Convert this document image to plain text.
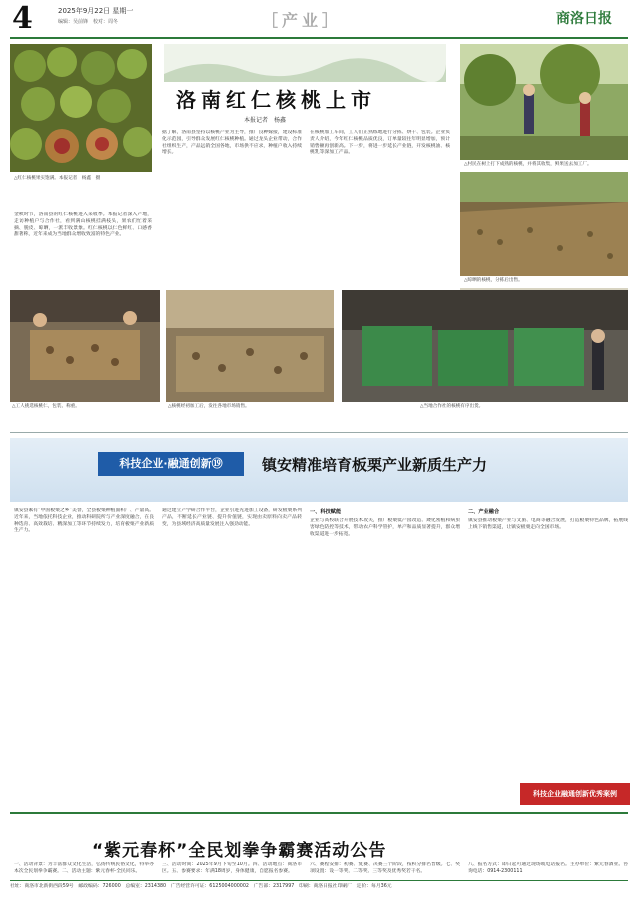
4	2025年9月22日 星期一
编辑：吴前锋　校对：周冬	［产业］	商洛日报
△红仁核桃果实饱满。本报记者　杨鑫　摄
△村民在树上打下成熟的核桃，并将其收集，鲜果送去加工厂。
△晾晒的核桃，分拣后出售。
△工人挑选核桃仁，包装、称重。	△核桃经初加工后，发往各地市场销售。	△当地合作社的核桃有序出货。
洛南红仁核桃上市
本报记者　杨鑫
金秋时节，洛南县的红仁核桃进入采收季。本报记者深入产地，走访种植户与合作社，看到满山核桃挂满枝头，果农们忙着采摘、脱皮、晾晒，一派丰收景象。红仁核桃以仁色鲜红、口感香甜著称，近年来成为当地群众增收致富的特色产业。
据了解，洛南县坚持以核桃产业为主导，推广良种嫁接，建设标准化示范园，引导群众发展红仁核桃种植。通过龙头企业带动，合作社组织生产，产品远销全国各地，市场供不应求，种植户收入持续增长。
在核桃加工车间，工人们正熟练地进行分拣、烘干、包装。企业负责人介绍，今年红仁核桃品质优良，订单量较往年明显增加，预计销售额再创新高。下一步，将进一步延长产业链，开发核桃油、核桃乳等深加工产品。
科技企业·融通创新⑲	镇安精准培育板栗产业新质生产力
镇安县素有“中国板栗之乡”美誉，全县板栗种植面积广、产量高。近年来，当地依托科技企业，推动科研院所与产业深度融合，在良种选育、高效栽培、精深加工等环节持续发力，培育板栗产业新质生产力。
通过建立产学研合作平台，企业引进先进加工设备，研发板栗系列产品，不断延长产业链、提升价值链，实现由卖原料向卖产品转变，为县域经济高质量发展注入强劲动能。
一、科技赋能
企业与高校联合开展技术攻关，推广板栗低产园改造、矮化密植和病虫害绿色防控等技术，带动农户科学管护，单产和品质显著提升，群众增收渠道进一步拓宽。
二、产业融合
镇安县推动板栗产业与文旅、电商等融合发展，打造板栗特色品牌，拓展线上线下销售渠道，让镇安板栗走向全国市场。
科技企业融通创新优秀案例
“紫元春杯”全民划拳争霸赛活动公告
一、活动背景：为丰富群众文化生活，弘扬传统民俗文化，特举办本次全民划拳争霸赛。二、活动主题：紫元春杯·全民同乐。
三、活动时间：2025年9月下旬至10月。四、活动地点：商洛市区。五、参赛要求：年满18周岁，身体健康，自愿报名参赛。
六、赛程安排：初赛、复赛、决赛三个阶段，按积分排名晋级。七、奖项设置：设一等奖、二等奖、三等奖及优秀奖若干名。
八、报名方式：即日起可通过现场或电话报名。主办单位：紫元春酒业。咨询电话：0914-2300111
社址：商洛市北新街西段59号　邮政编码：726000　总编室：2314380　广告经营许可证：6125004000002　广告部：2317997　印刷：商洛日报社印刷厂　定价：每月36元
